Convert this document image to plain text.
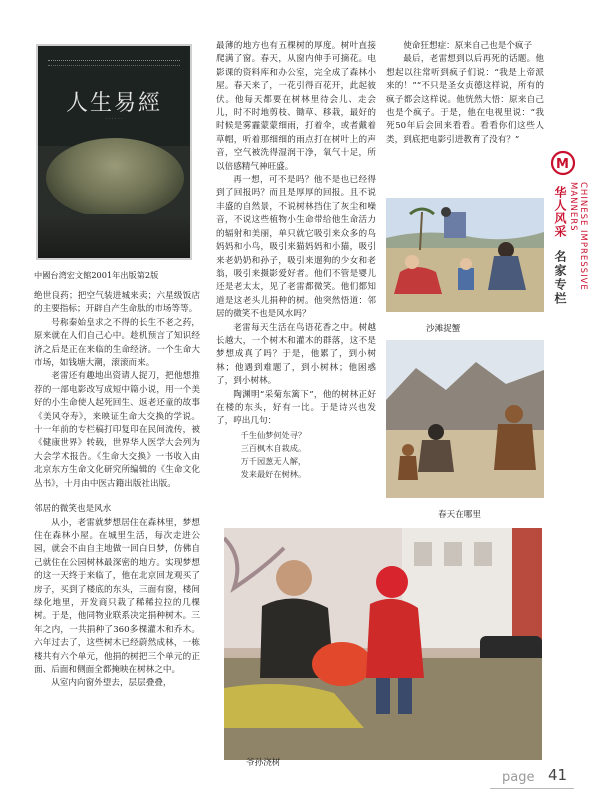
人生易經
· · · · · ·
中國台湾宏文館2001年出版第2版

绝世良药；把空气装进城来卖；六星级饭店的主要指标；开辟自产生命肽的市场等等。

号称秦始皇求之不得的长生不老之药，原来就在人们自己心中。趁机预言了知识经济之后是正在来临的生命经济。一个生命大市场，如钱塘大潮，滚滚而来。

老雷还有趣地出资请人捉刀，把他想推荐的一部电影改写成短中篇小说，用一个美好的小生命使人起死回生、返老还童的故事《美风夺寿》，来映证生命大交换的学说。十一年前的专栏稿打印复印在民间流传，被《健康世界》转载，世界华人医学大会列为大会学术报告。《生命大交换》一书收入由北京东方生命文化研究所编辑的《生命文化丛书》，十月由中医古籍出版社出版。

邻居的微笑也是风水

从小，老雷就梦想居住在森林里，梦想住在森林小屋。在城里生活，每次走进公园，就会不由自主地做一回白日梦，仿佛自己就住在公园树林最深密的地方。实现梦想的这一天终于来临了，他在北京回龙观买了房子，买到了楼底的东头，三面有窗，楼间绿化地里，开发商只栽了稀稀拉拉的几棵树。于是，他同物业联系决定捐种树木。三年之内，一共捐种了360多棵灌木和乔木。六年过去了，这些树木已经蔚然成林，一栋楼共有六个单元，他捐的树把三个单元的正面、后面和侧面全都掩映在树林之中。

从室内向窗外望去，层层叠叠，

最薄的地方也有五棵树的厚度。树叶直接爬满了窗。春天，从窗内伸手可摘花。电影课的资料库和办公室，完全成了森林小屋。春天来了，一花引得百花开，此起彼伏。他每天都要在树林里待会儿、走会儿，时不时地剪枝、锄草、移栽，最好的时候是雾霾蒙蒙细雨，打着伞，或者戴着草帽，听着那细细的雨点打在树叶上的声音，空气被洗得湿润干净，氧气十足，所以倍感精气神旺盛。

再一想，可不是吗？他不是也已经得到了回报吗？而且是厚厚的回报。且不说丰盛的自然景，不说树林挡住了灰尘和噪音，不说这些植物小生命带给他生命活力的辐射和美丽，单只就它吸引来众多的鸟妈妈和小鸟，吸引来猫妈妈和小猫，吸引来老奶奶和孙子，吸引来遛狗的少女和老翁，吸引来摄影爱好者。他们不管是婴儿还是老太太，见了老雷都微笑。他们都知道是这老头儿捐种的树。他突然悟道：邻居的微笑不也是风水吗？

老雷每天生活在鸟语花香之中。树越长越大，一个树木和灌木的群落，这不是梦想成真了吗？于是，他累了，到小树林；他遇到难题了，到小树林；他困惑了，到小树林。

陶渊明“采菊东篱下”，他的树林正好在楼的东头，好有一比。于是诗兴也发了，哼出几句：

千生仙梦何处寻？
三百枫木自栽成。
万千园葱无人解，
发来最好在树林。

使命狂想症：原来自己也是个疯子

最后，老雷想到以后再死的话题。他想起以往常听到疯子们说：“我是上帝派来的！”“不只是圣女贞德这样说，所有的疯子都会这样说。他恍然大悟：原来自己也是个疯子。于是，他在电视里说：“我死50年后会回来看看。看看你们这些人类，到底把电影引进教育了没有？”

M
华人风采	CHINESE IMPRESSIVE MANNERS
名家专栏
沙滩捉蟹
春天在哪里
爷孙浇树
page 41
